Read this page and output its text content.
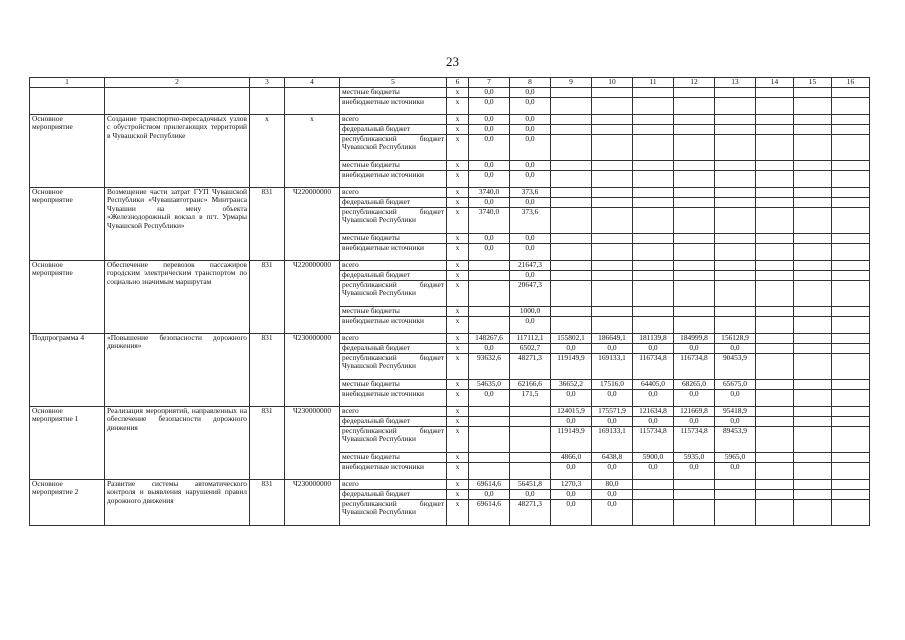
23
1	2	3	4	5	6	7	8	9	10	11	12	13	14	15	16
				местные бюджеты	х	0,0	0,0								
				внебюджетные источники	х	0,0	0,0								
Основное мероприятие	Создание транспортно-пересадочных узлов с обустройством прилегающих территорий в Чувашской Республике	х	х	всего	х	0,0	0,0								
				федеральный бюджет	х	0,0	0,0								
				республиканский бюджет Чувашской Республики	х	0,0	0,0								
				местные бюджеты	х	0,0	0,0								
				внебюджетные источники	х	0,0	0,0								
Основное мероприятие	Возмещение части затрат ГУП Чувашской Республики «Чувашавтотранс» Минтранса Чувашии на мену объекта «Железнодорожный вокзал в пгт. Урмары Чувашской Республики»	831	Ч220000000	всего	х	3740,0	373,6								
				федеральный бюджет	х	0,0	0,0								
				республиканский бюджет Чувашской Республики	х	3740,0	373,6								
				местные бюджеты	х	0,0	0,0								
				внебюджетные источники	х	0,0	0,0								
Основное мероприятие	Обеспечение перевозок пассажиров городским электрическим транспортом по социально значимым маршрутам	831	Ч220000000	всего	х		21647,3								
				федеральный бюджет	х		0,0								
				республиканский бюджет Чувашской Республики	х		20647,3								
				местные бюджеты	х		1000,0								
				внебюджетные источники	х		0,0								
Подпрограмма 4	«Повышение безопасности дорожного движения»	831	Ч230000000	всего	х	148267,6	117112,1	155802,1	186649,1	181139,8	184999,8	156128,9			
				федеральный бюджет	х	0,0	6502,7	0,0	0,0	0,0	0,0	0,0			
				республиканский бюджет Чувашской Республики	х	93632,6	48271,3	119149,9	169133,1	116734,8	116734,8	90453,9			
				местные бюджеты	х	54635,0	62166,6	36652,2	17516,0	64405,0	68265,0	65675,0			
				внебюджетные источники	х	0,0	171,5	0,0	0,0	0,0	0,0	0,0			
Основное мероприятие 1	Реализация мероприятий, направленных на обеспечение безопасности дорожного движения	831	Ч230000000	всего	х			124015,9	175571,9	121634,8	121669,8	95418,9			
				федеральный бюджет	х			0,0	0,0	0,0	0,0	0,0			
				республиканский бюджет Чувашской Республики	х			119149,9	169133,1	115734,8	115734,8	89453,9			
				местные бюджеты	х			4866,0	6438,8	5900,0	5935,0	5965,0			
				внебюджетные источники	х			0,0	0,0	0,0	0,0	0,0			
Основное мероприятие 2	Развитие системы автоматического контроля и выявления нарушений правил дорожного движения	831	Ч230000000	всего	х	69614,6	56451,8	1270,3	80,0						
				федеральный бюджет	х	0,0	0,0	0,0	0,0						
				республиканский бюджет Чувашской Республики	х	69614,6	48271,3	0,0	0,0						
